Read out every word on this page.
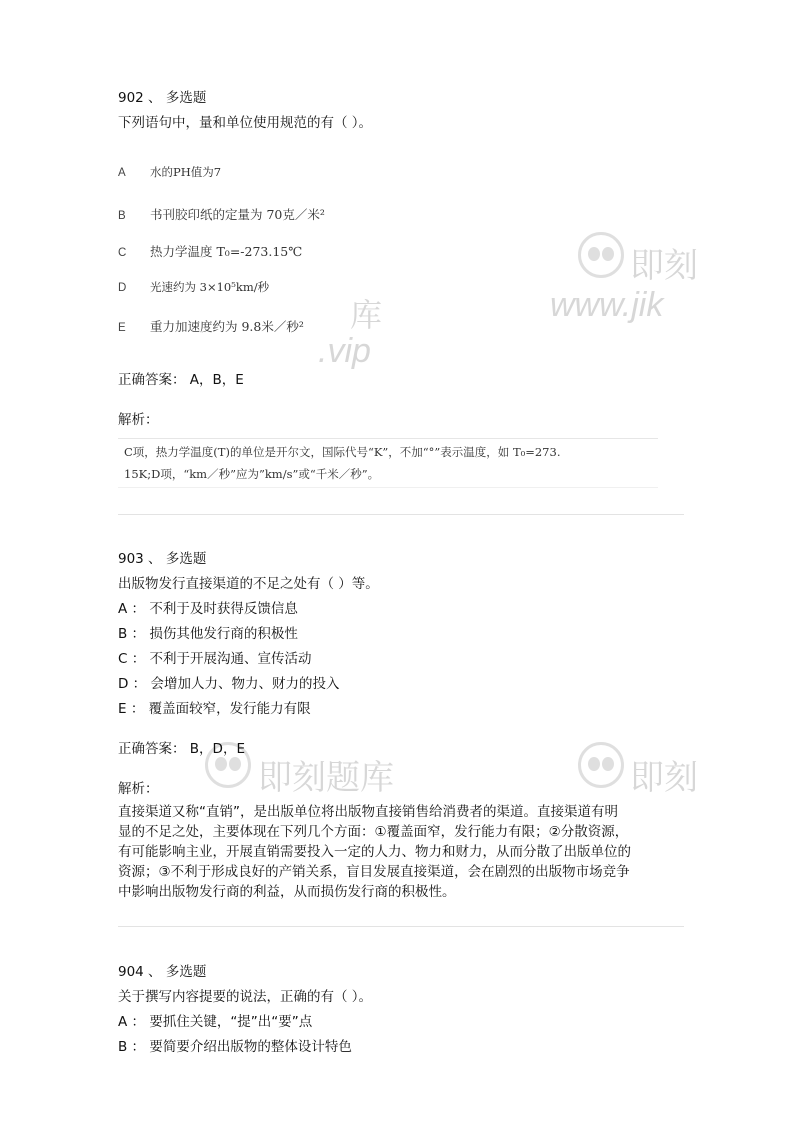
即刻
库	www.jik
.vip
即刻题库	即刻
902 、 多选题
下列语句中，量和单位使用规范的有（ ）。
A 水的PH值为7
B 书刊胶印纸的定量为 70克／米²
C 热力学温度 T₀=-273.15℃
D 光速约为 3×10⁵km/秒
E 重力加速度约为 9.8米／秒²
正确答案： A，B，E
解析：
C项，热力学温度(T)的单位是开尔文，国际代号“K”，不加“°”表示温度，如 T₀=273.
15K;D项，“km／秒”应为”km/s”或“千米／秒”。
903 、 多选题
出版物发行直接渠道的不足之处有（ ）等。
A ： 不利于及时获得反馈信息
B ： 损伤其他发行商的积极性
C ： 不利于开展沟通、宣传活动
D ： 会增加人力、物力、财力的投入
E ： 覆盖面较窄，发行能力有限
正确答案： B，D，E
解析：
直接渠道又称“直销”，是出版单位将出版物直接销售给消费者的渠道。直接渠道有明
显的不足之处，主要体现在下列几个方面：①覆盖面窄，发行能力有限；②分散资源，
有可能影响主业，开展直销需要投入一定的人力、物力和财力，从而分散了出版单位的
资源；③不利于形成良好的产销关系，盲目发展直接渠道，会在剧烈的出版物市场竞争
中影响出版物发行商的利益，从而损伤发行商的积极性。
904 、 多选题
关于撰写内容提要的说法，正确的有（ ）。
A ： 要抓住关键，“提”出“要”点
B ： 要简要介绍出版物的整体设计特色
